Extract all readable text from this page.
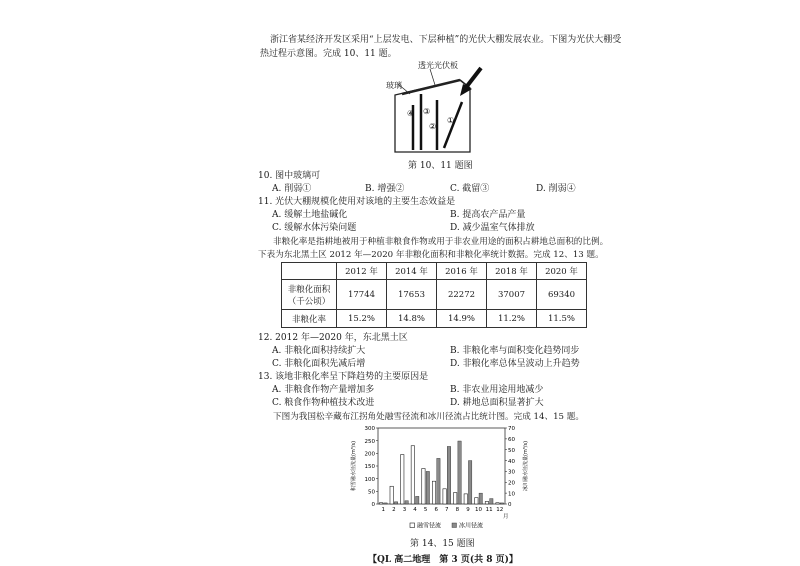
浙江省某经济开发区采用“上层发电、下层种植”的光伏大棚发展农业。下图为光伏大棚受
热过程示意图。完成 10、11 题。
④ ③
②
①
透光光伏板
玻璃
第 10、11 题图
10. 图中玻璃可
A. 削弱①	B. 增强②	C. 截留③	D. 削弱④
11. 光伏大棚规模化使用对该地的主要生态效益是
A. 缓解土地盐碱化	B. 提高农产品产量
C. 缓解水体污染问题	D. 减少温室气体排放
非粮化率是指耕地被用于种植非粮食作物或用于非农业用途的面积占耕地总面积的比例。
下表为东北黑土区 2012 年—2020 年非粮化面积和非粮化率统计数据。完成 12、13 题。
	2012 年	2014 年	2016 年	2018 年	2020 年

非粮化面积
（千公顷）	17744	17653	22272	37007	69340
非粮化率	15.2%	14.8%	14.9%	11.2%	11.5%
12. 2012 年—2020 年，东北黑土区
A. 非粮化面积持续扩大	B. 非粮化率与面积变化趋势同步
C. 非粮化面积先减后增	D. 非粮化率总体呈波动上升趋势
13. 该地非粮化率呈下降趋势的主要原因是
A. 非粮食作物产量增加多	B. 非农业用途用地减少
C. 粮食作物种植技术改进	D. 耕地总面积显著扩大
下图为我国松辛藏布江拐角处融雪径流和冰川径流占比统计图。完成 14、15 题。
300
250
200
150
100
50
0
70
60
50
40
30
20
10
0
积雪融水径流量(m³/s)	冰川融水径流量(m³/s)
1 2 3 4 5 6 7 8 9 10 11 12
月
融雪径流	冰川径流
第 14、15 题图
【QL 高二地理　第 3 页(共 8 页)】
